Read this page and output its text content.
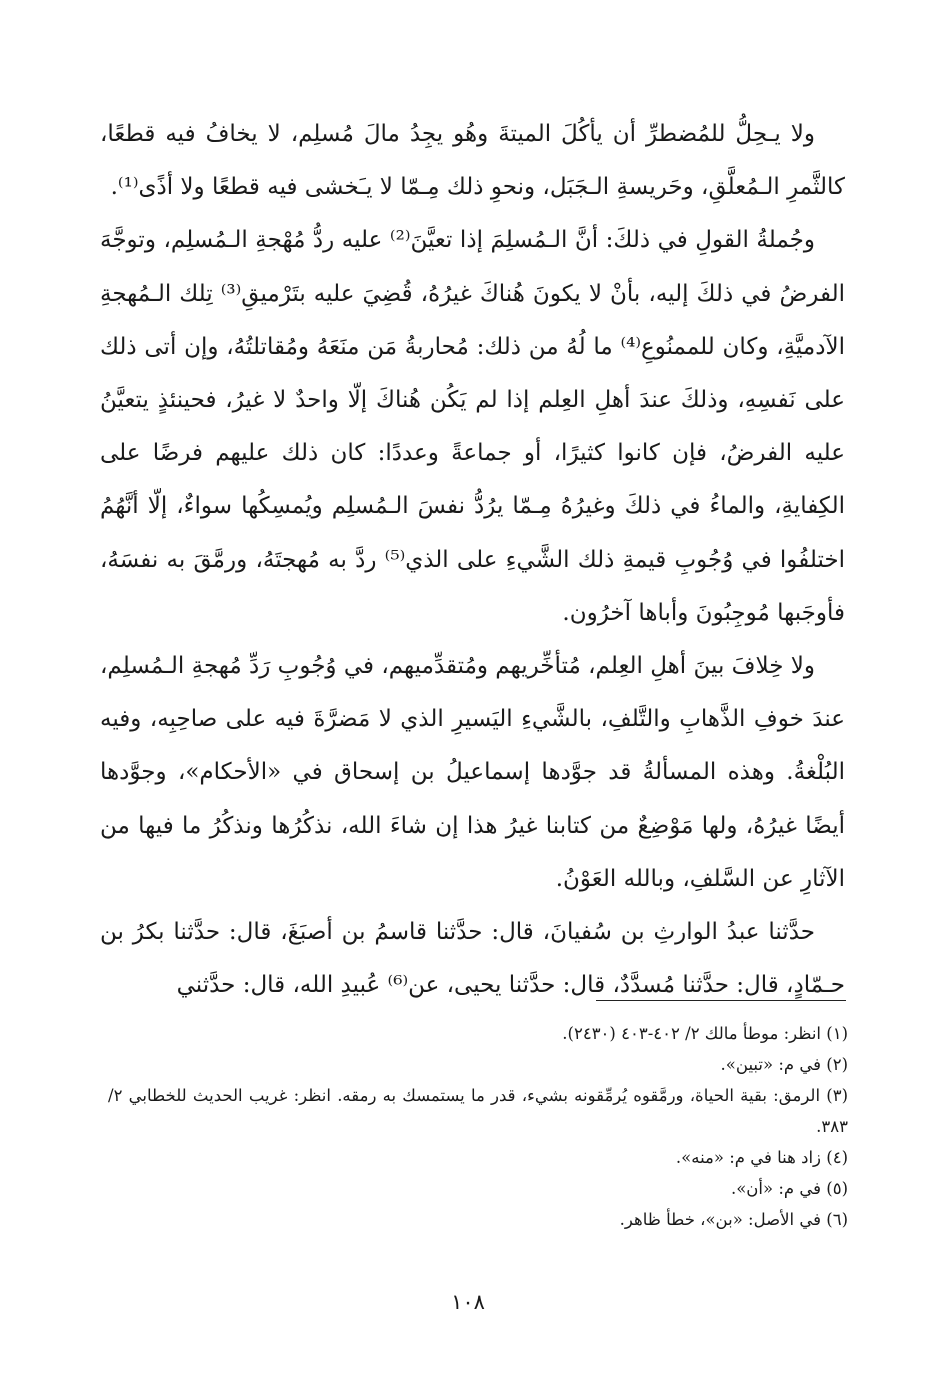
ولا يـحِلُّ للمُضطرِّ أن يأكُلَ الميتةَ وهُو يجِدُ مالَ مُسلِم، لا يخافُ فيه قطعًا، كالثَّمرِ الـمُعلَّقِ، وحَريسةِ الـجَبَل، ونحوِ ذلك مِـمّا لا يـَخشى فيه قطعًا ولا أذًى⁽¹⁾.

وجُملةُ القولِ في ذلكَ: أنَّ الـمُسلِمَ إذا تعيَّنَ⁽²⁾ عليه ردُّ مُهْجةِ الـمُسلِم، وتوجَّهَ الفرضُ في ذلكَ إليه، بأنْ لا يكونَ هُناكَ غيرُهُ، قُضِيَ عليه بتَرْميقِ⁽³⁾ تِلك الـمُهجةِ الآدميَّةِ، وكان للممنُوعِ⁽⁴⁾ ما لُهُ من ذلك: مُحاربةُ مَن منَعَهُ ومُقاتلتُهُ، وإن أتى ذلك على نَفسِهِ، وذلكَ عندَ أهلِ العِلم إذا لم يَكُن هُناكَ إلّا واحدٌ لا غيرُ، فحينئذٍ يتعيَّنُ عليه الفرضُ، فإن كانوا كثيرًا، أو جماعةً وعددًا: كان ذلك عليهم فرضًا على الكِفايةِ، والماءُ في ذلكَ وغيرُهُ مِـمّا يرُدُّ نفسَ الـمُسلِم ويُمسِكُها سواءٌ، إلّا أنَّهُمُ اختلفُوا في وُجُوبِ قيمةِ ذلك الشَّيءِ على الذي⁽⁵⁾ ردَّ به مُهجتَهُ، ورمَّقَ به نفسَهُ، فأوجَبها مُوجِبُونَ وأباها آخرُون.

ولا خِلافَ بينَ أهلِ العِلم، مُتأخِّريهم ومُتقدِّميهم، في وُجُوبِ رَدِّ مُهجةِ الـمُسلِم، عندَ خوفِ الذَّهابِ والتَّلفِ، بالشَّيءِ اليَسيرِ الذي لا مَضرَّةَ فيه على صاحِبِه، وفيه البُلْغةُ. وهذه المسألةُ قد جوَّدها إسماعيلُ بن إسحاق في «الأحكام»، وجوَّدها أيضًا غيرُهُ، ولها مَوْضِعٌ من كتابنا غيرُ هذا إن شاءَ الله، نذكُرُها ونذكُرُ ما فيها من الآثارِ عن السَّلفِ، وبالله العَوْنُ.

حدَّثنا عبدُ الوارثِ بن سُفيانَ، قال: حدَّثنا قاسمُ بن أصبَغَ، قال: حدَّثنا بكرُ بن حـمّادٍ، قال: حدَّثنا مُسدَّدٌ، قال: حدَّثنا يحيى، عن⁽⁶⁾ عُبيدِ الله، قال: حدَّثني

(١) انظر: موطأ مالك ٢/ ٤٠٢-٤٠٣ (٢٤٣٠).

(٢) في م: «تبين».

(٣) الرمق: بقية الحياة، ورمَّقوه يُرمِّقونه بشيء، قدر ما يستمسك به رمقه. انظر: غريب الحديث للخطابي ٢/ ٣٨٣.

(٤) زاد هنا في م: «منه».

(٥) في م: «أن».

(٦) في الأصل: «بن»، خطأ ظاهر.

١٠٨
